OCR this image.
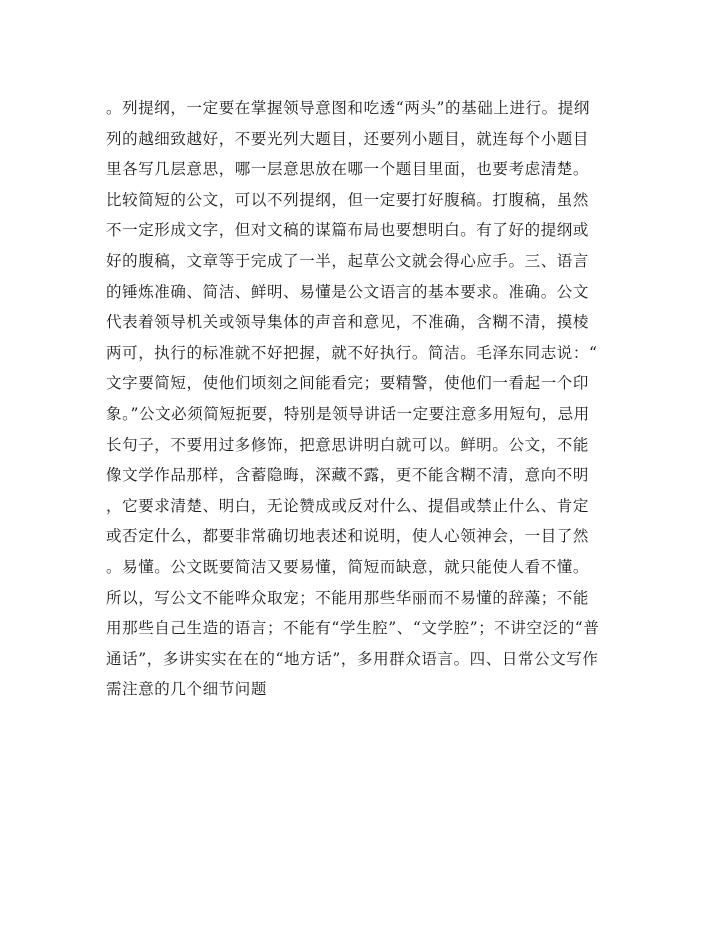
。列提纲，一定要在掌握领导意图和吃透“两头”的基础上进行。提纲
列的越细致越好，不要光列大题目，还要列小题目，就连每个小题目
里各写几层意思，哪一层意思放在哪一个题目里面，也要考虑清楚。
比较简短的公文，可以不列提纲，但一定要打好腹稿。打腹稿，虽然
不一定形成文字，但对文稿的谋篇布局也要想明白。有了好的提纲或
好的腹稿，文章等于完成了一半，起草公文就会得心应手。三、语言
的锤炼准确、简洁、鲜明、易懂是公文语言的基本要求。准确。公文
代表着领导机关或领导集体的声音和意见，不准确，含糊不清，摸棱
两可，执行的标准就不好把握，就不好执行。简洁。毛泽东同志说：“
文字要简短，使他们顷刻之间能看完；要精警，使他们一看起一个印
象。”公文必须简短扼要，特别是领导讲话一定要注意多用短句，忌用
长句子，不要用过多修饰，把意思讲明白就可以。鲜明。公文，不能
像文学作品那样，含蓄隐晦，深藏不露，更不能含糊不清，意向不明
，它要求清楚、明白，无论赞成或反对什么、提倡或禁止什么、肯定
或否定什么，都要非常确切地表述和说明，使人心领神会，一目了然
。易懂。公文既要简洁又要易懂，简短而缺意，就只能使人看不懂。
所以，写公文不能哗众取宠；不能用那些华丽而不易懂的辞藻；不能
用那些自己生造的语言；不能有“学生腔”、“文学腔”；不讲空泛的“普
通话”，多讲实实在在的“地方话”，多用群众语言。四、日常公文写作
需注意的几个细节问题
